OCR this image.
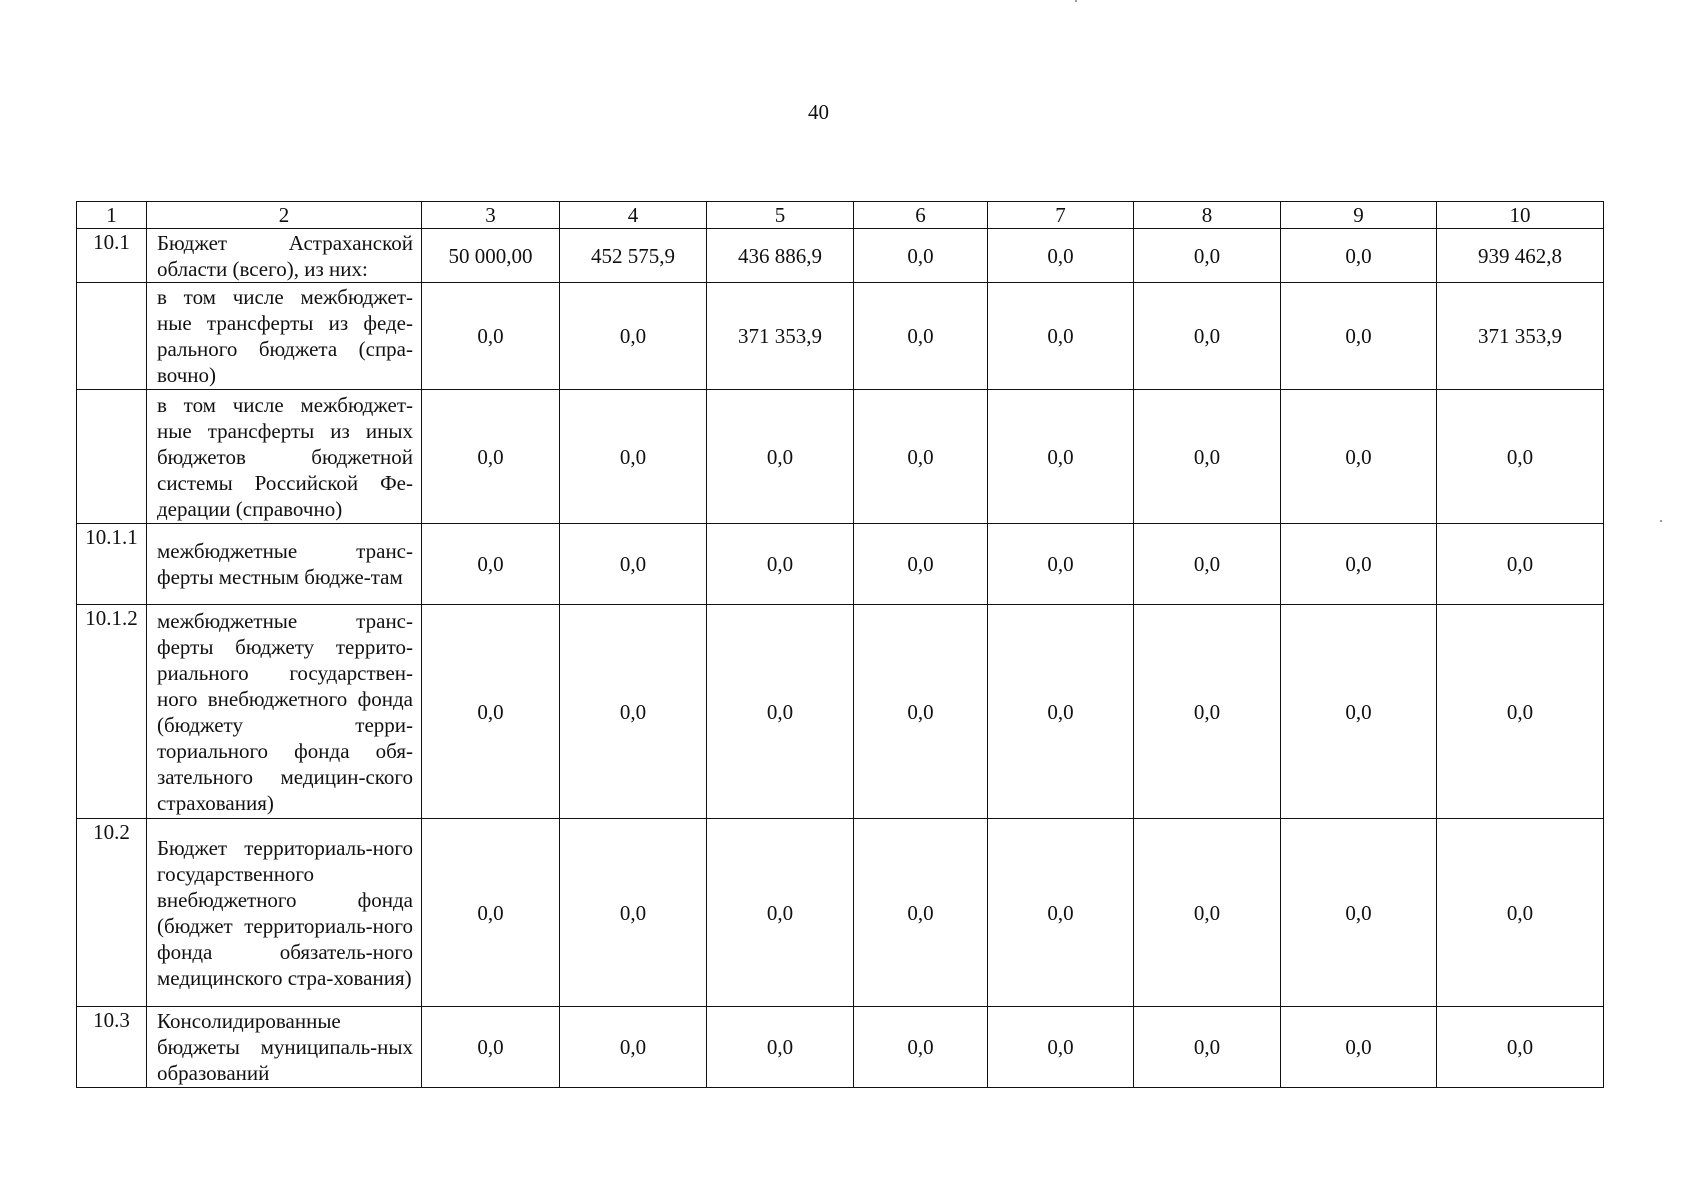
40
1	2	3	4	5	6	7	8	9	10
10.1	Бюджет Астраханской области (всего), из них:	50 000,00	452 575,9	436 886,9	0,0	0,0	0,0	0,0	939 462,8
	в том числе межбюджет-ные трансферты из феде-рального бюджета (спра-вочно)	0,0	0,0	371 353,9	0,0	0,0	0,0	0,0	371 353,9
	в том числе межбюджет-ные трансферты из иных бюджетов бюджетной системы Российской Фе-дерации (справочно)	0,0	0,0	0,0	0,0	0,0	0,0	0,0	0,0
10.1.1	межбюджетные транс-ферты местным бюдже-там	0,0	0,0	0,0	0,0	0,0	0,0	0,0	0,0
10.1.2	межбюджетные транс-ферты бюджету террито-риального государствен-ного внебюджетного фонда (бюджету терри-ториального фонда обя-зательного медицин-ского страхования)	0,0	0,0	0,0	0,0	0,0	0,0	0,0	0,0
10.2	Бюджет территориаль-ного государственного внебюджетного фонда (бюджет территориаль-ного фонда обязатель-ного медицинского стра-хования)	0,0	0,0	0,0	0,0	0,0	0,0	0,0	0,0
10.3	Консолидированные бюджеты муниципаль-ных образований	0,0	0,0	0,0	0,0	0,0	0,0	0,0	0,0
